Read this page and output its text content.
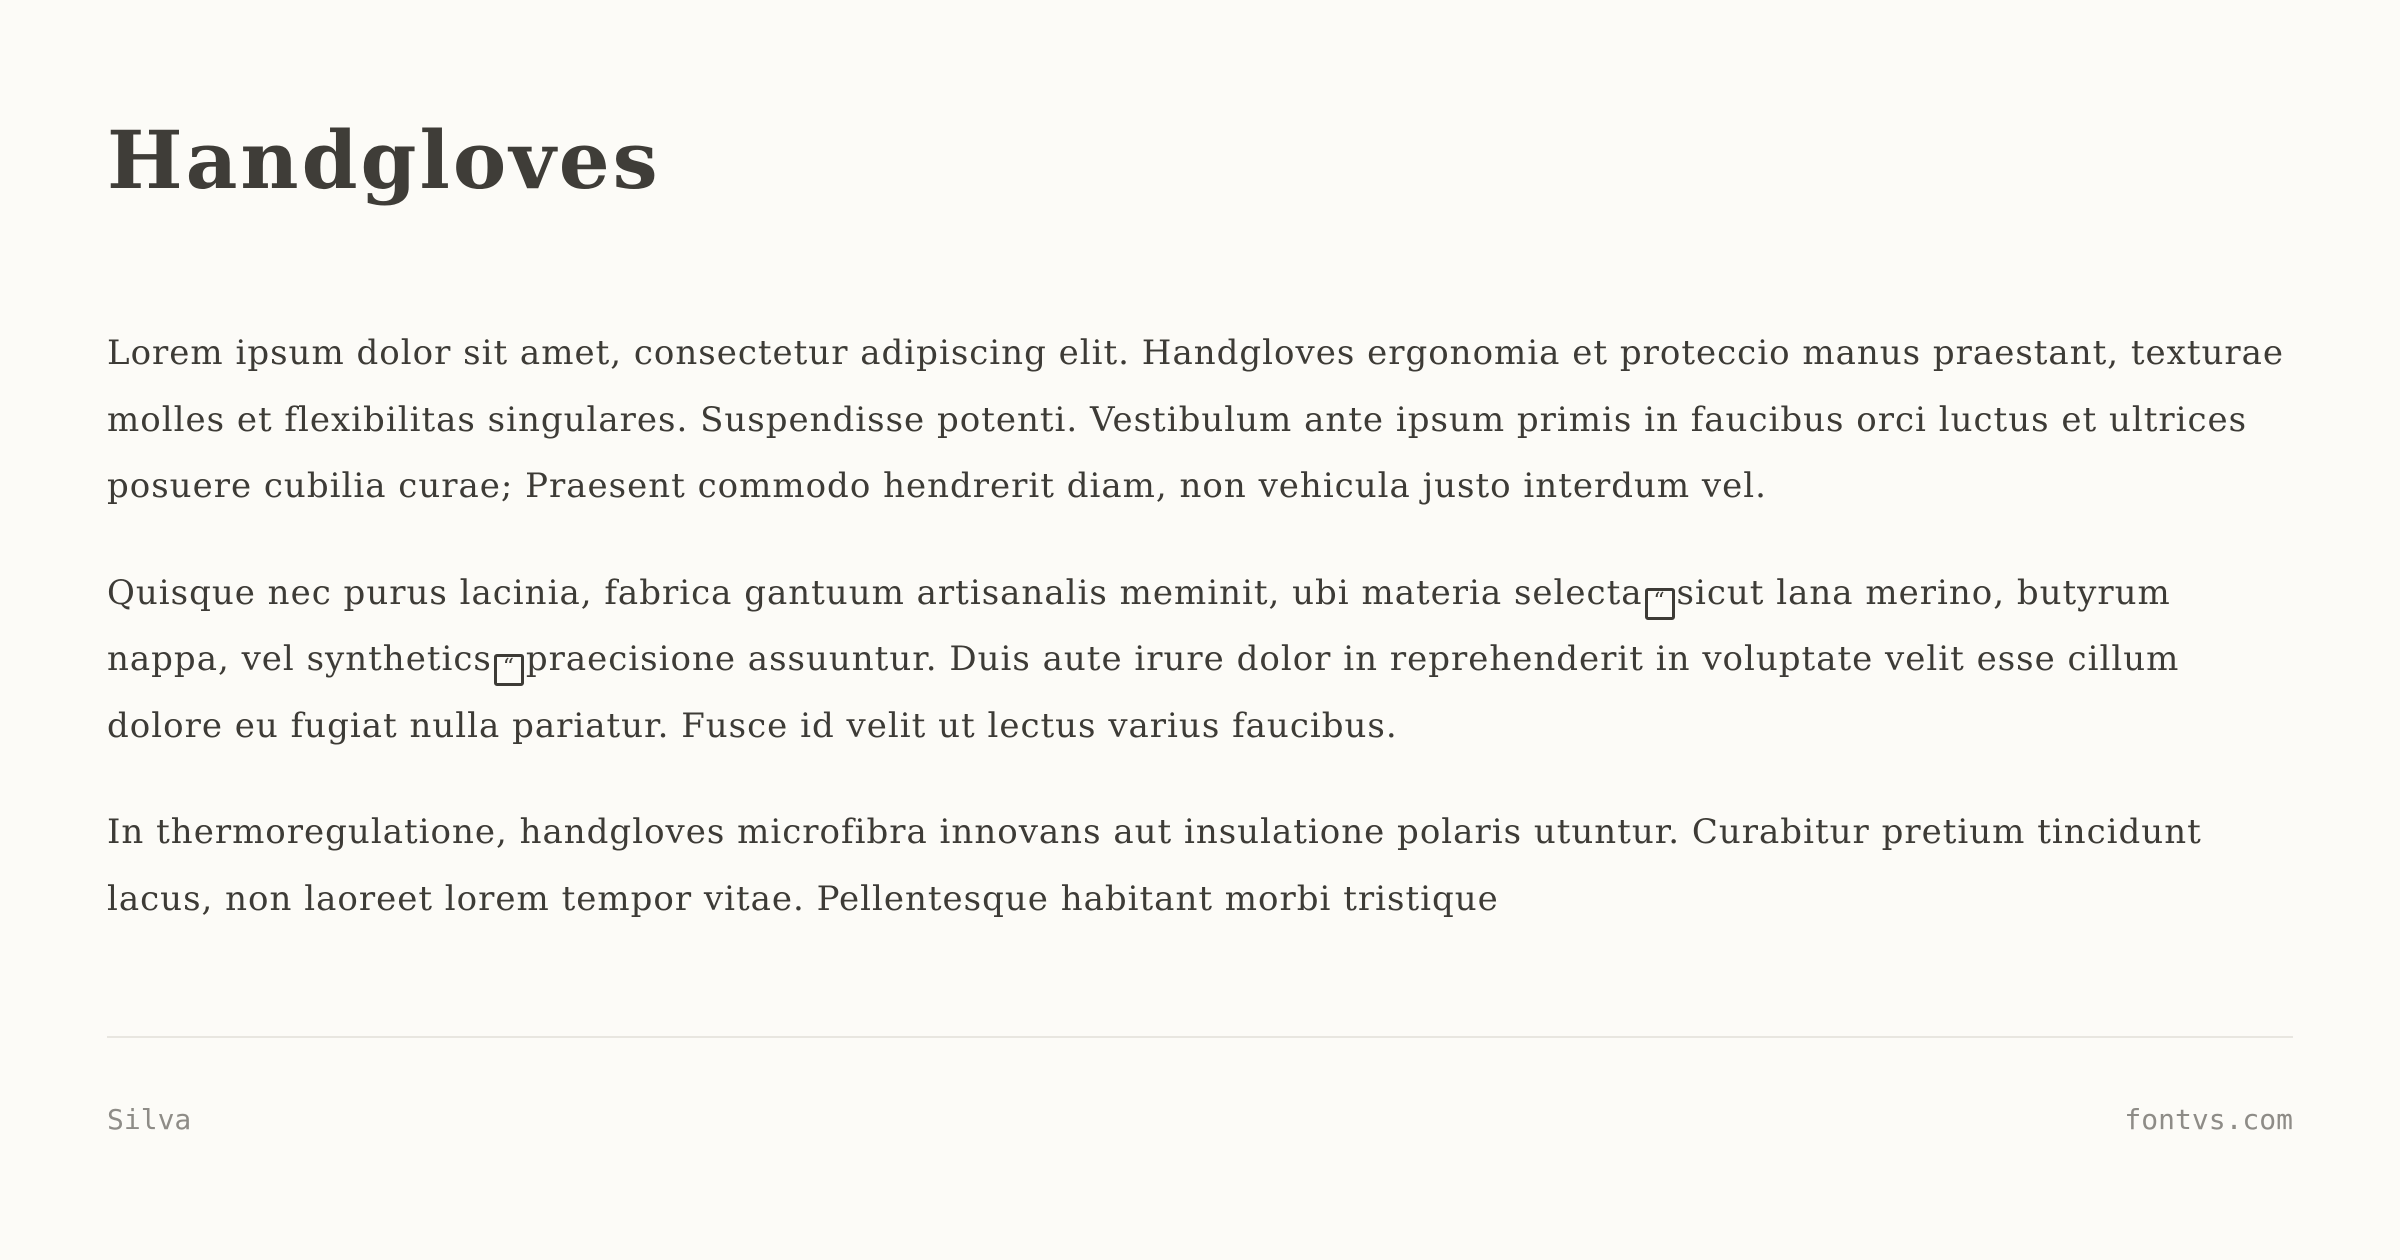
Handgloves

Lorem ipsum dolor sit amet, consectetur adipiscing elit. Handgloves ergonomia et proteccio manus praestant, texturae molles et flexibilitas singulares. Suspendisse potenti. Vestibulum ante ipsum primis in faucibus orci luctus et ultrices posuere cubilia curae; Praesent commodo hendrerit diam, non vehicula justo interdum vel.

Quisque nec purus lacinia, fabrica gantuum artisanalis meminit, ubi materia selecta “ sicut lana merino, butyrum nappa, vel synthetics “ praecisione assuuntur. Duis aute irure dolor in reprehenderit in voluptate velit esse cillum dolore eu fugiat nulla pariatur. Fusce id velit ut lectus varius faucibus.

In thermoregulatione, handgloves microfibra innovans aut insulatione polaris utuntur. Curabitur pretium tincidunt lacus, non laoreet lorem tempor vitae. Pellentesque habitant morbi tristique

Silva	fontvs.com
